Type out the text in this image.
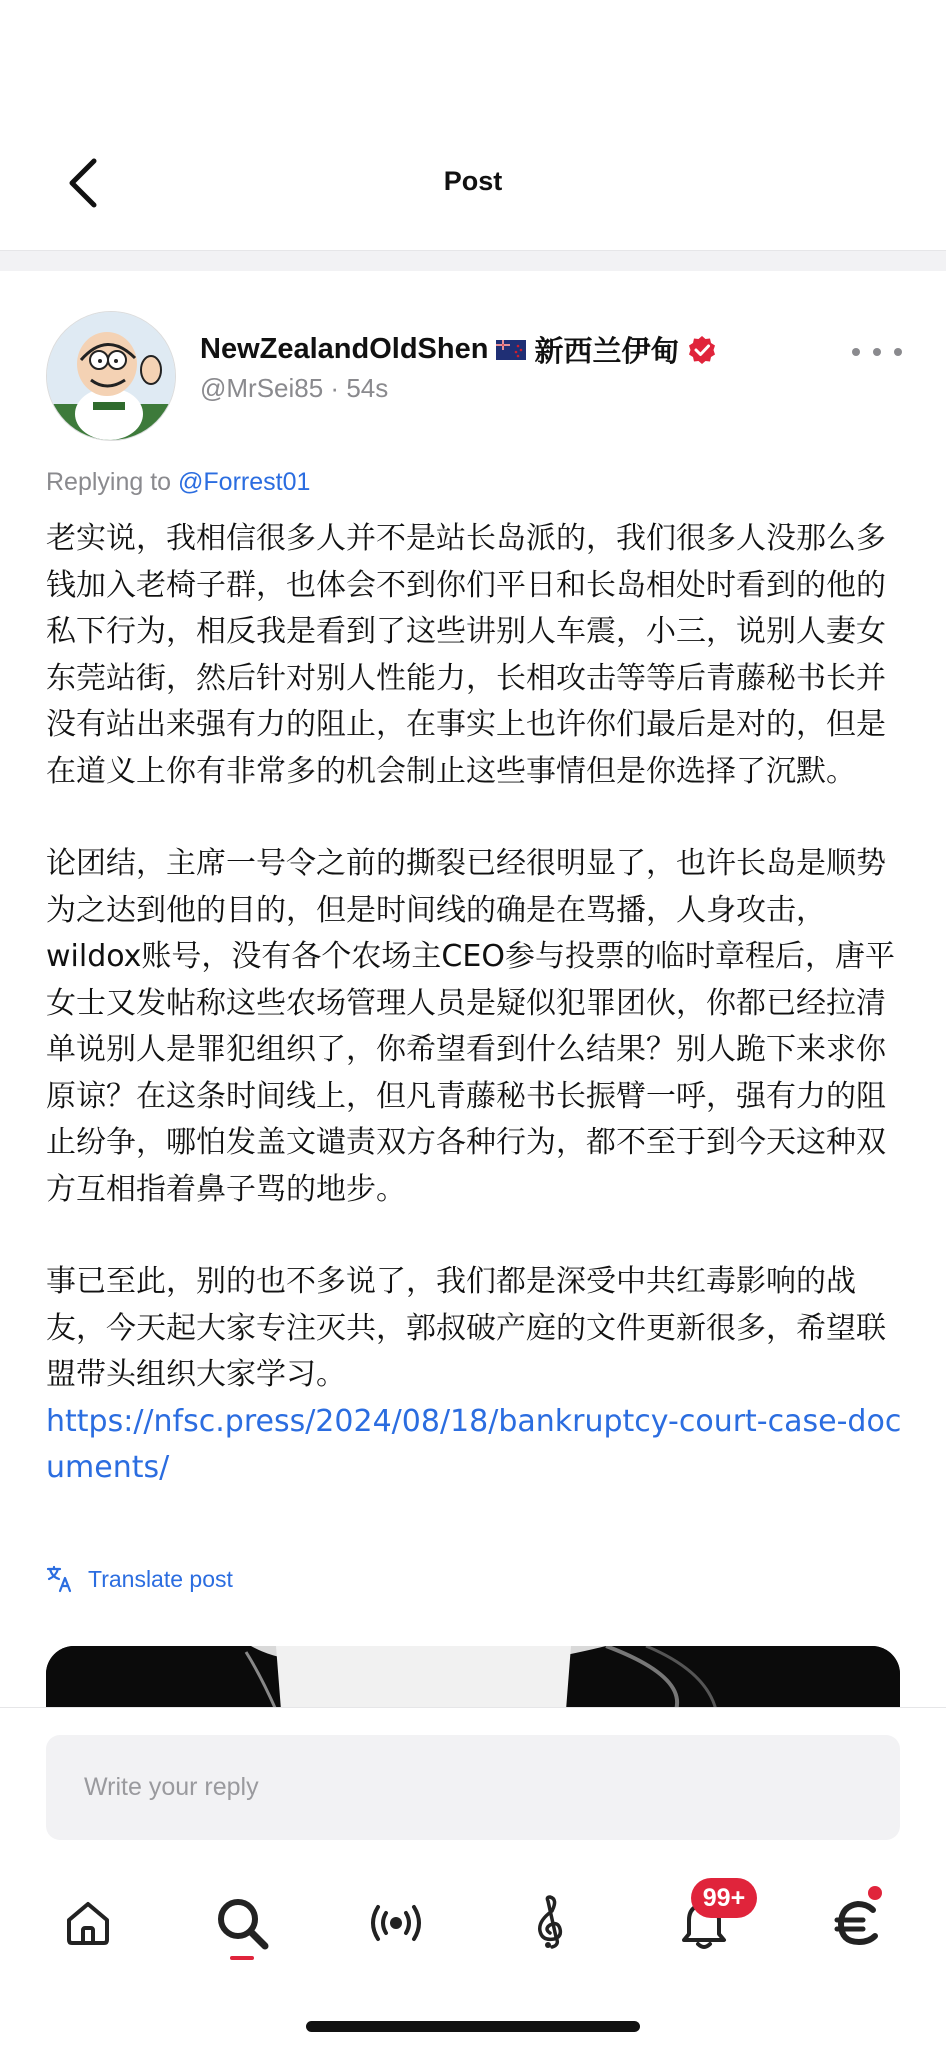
Post
NewZealandOldShen 新西兰伊甸
@MrSei85 · 54s
Replying to @Forrest01

老实说，我相信很多人并不是站长岛派的，我们很多人没那么多钱加入老椅子群，也体会不到你们平日和长岛相处时看到的他的私下行为，相反我是看到了这些讲别人车震，小三，说别人妻女东莞站街，然后针对别人性能力，长相攻击等等后青藤秘书长并没有站出来强有力的阻止，在事实上也许你们最后是对的，但是在道义上你有非常多的机会制止这些事情但是你选择了沉默。

论团结，主席一号令之前的撕裂已经很明显了，也许长岛是顺势为之达到他的目的，但是时间线的确是在骂播，人身攻击，wildox账号，没有各个农场主CEO参与投票的临时章程后，唐平女士又发帖称这些农场管理人员是疑似犯罪团伙，你都已经拉清单说别人是罪犯组织了，你希望看到什么结果？别人跪下来求你原谅？在这条时间线上，但凡青藤秘书长振臂一呼，强有力的阻止纷争，哪怕发盖文谴责双方各种行为，都不至于到今天这种双方互相指着鼻子骂的地步。

事已至此，别的也不多说了，我们都是深受中共红毒影响的战友，今天起大家专注灭共，郭叔破产庭的文件更新很多，希望联盟带头组织大家学习。
https://nfsc.press/2024/08/18/bankruptcy-court-case-documents/

Translate post
Write your reply
99+
